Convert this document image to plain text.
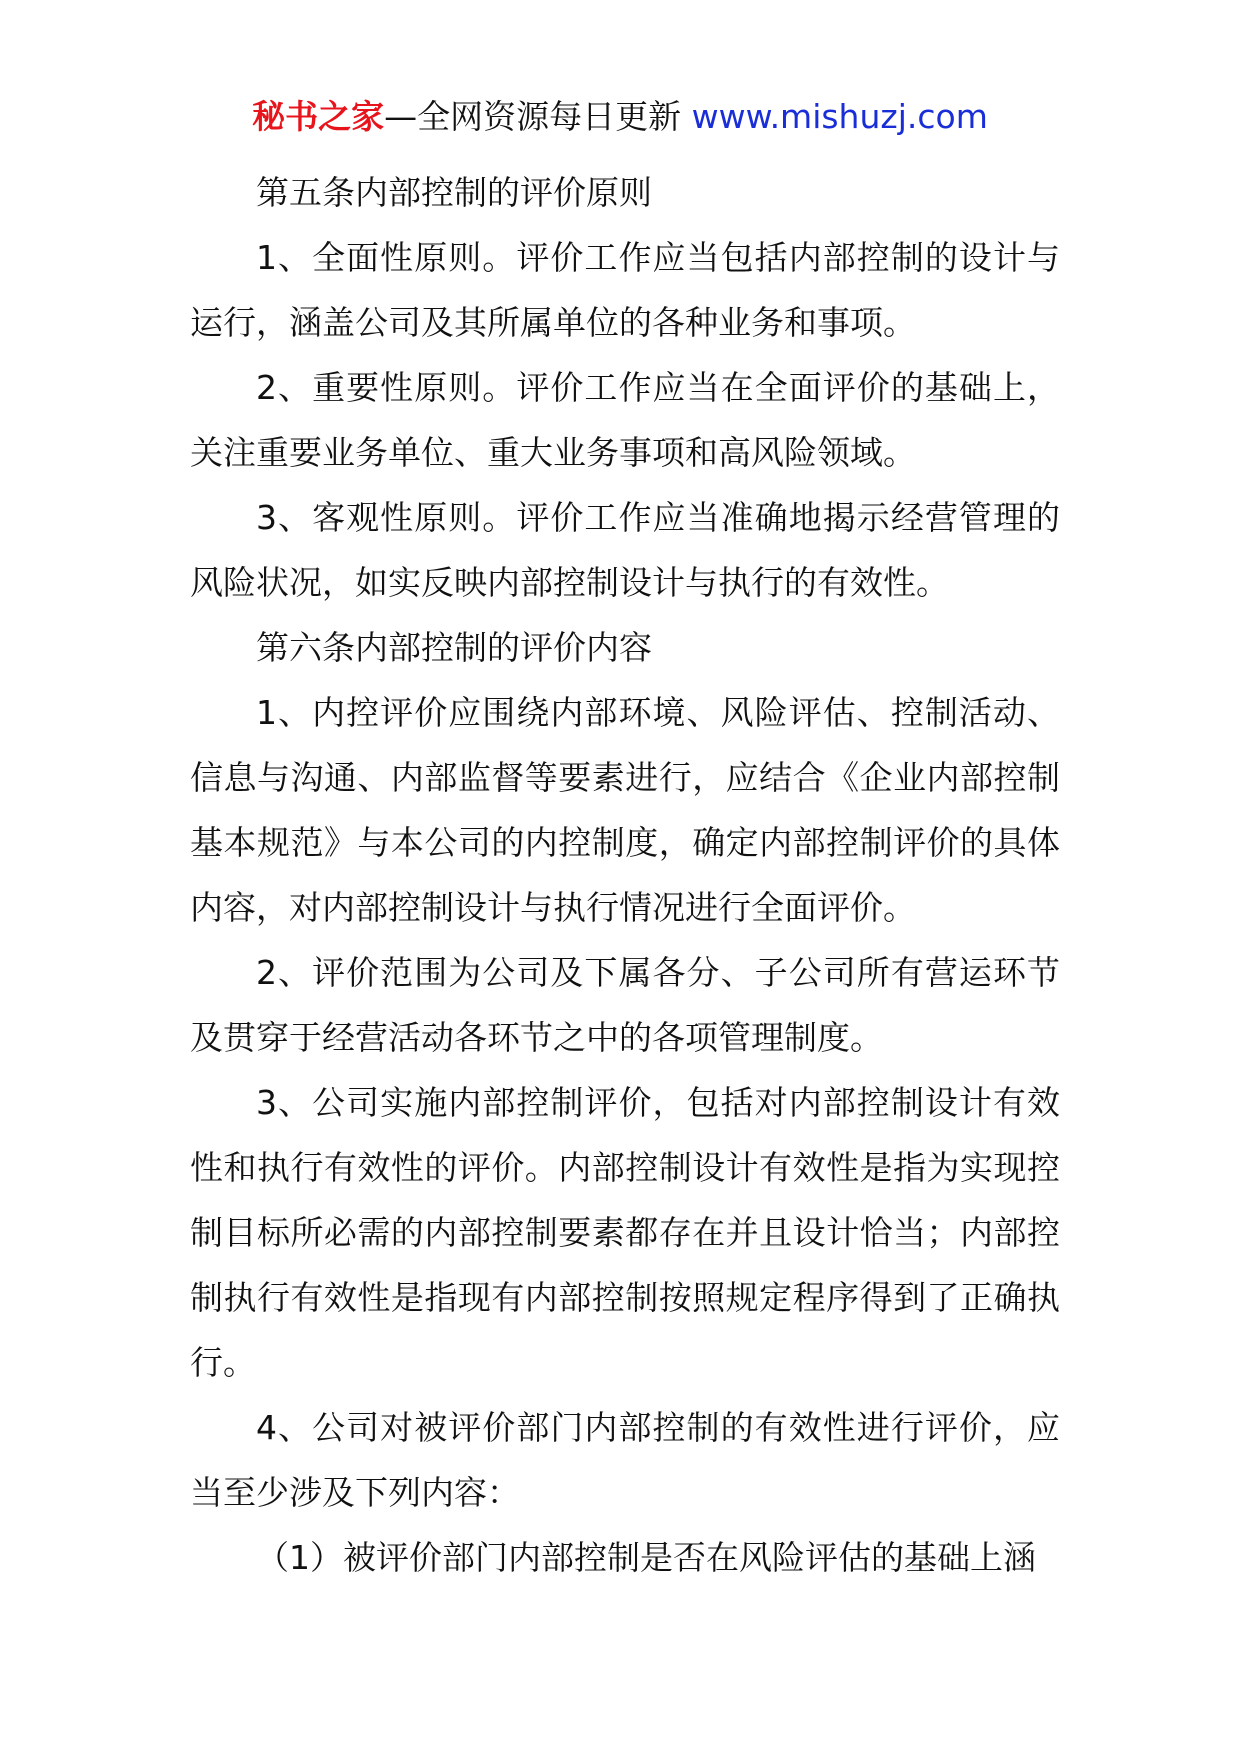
秘书之家—全网资源每日更新 www.mishuzj.com

第五条内部控制的评价原则

1、全面性原则。评价工作应当包括内部控制的设计与运行，涵盖公司及其所属单位的各种业务和事项。

2、重要性原则。评价工作应当在全面评价的基础上，关注重要业务单位、重大业务事项和高风险领域。

3、客观性原则。评价工作应当准确地揭示经营管理的风险状况，如实反映内部控制设计与执行的有效性。

第六条内部控制的评价内容

1、内控评价应围绕内部环境、风险评估、控制活动、信息与沟通、内部监督等要素进行，应结合《企业内部控制基本规范》与本公司的内控制度，确定内部控制评价的具体内容，对内部控制设计与执行情况进行全面评价。

2、评价范围为公司及下属各分、子公司所有营运环节及贯穿于经营活动各环节之中的各项管理制度。

3、公司实施内部控制评价，包括对内部控制设计有效性和执行有效性的评价。内部控制设计有效性是指为实现控制目标所必需的内部控制要素都存在并且设计恰当；内部控制执行有效性是指现有内部控制按照规定程序得到了正确执行。

4、公司对被评价部门内部控制的有效性进行评价，应当至少涉及下列内容：

（1）被评价部门内部控制是否在风险评估的基础上涵
